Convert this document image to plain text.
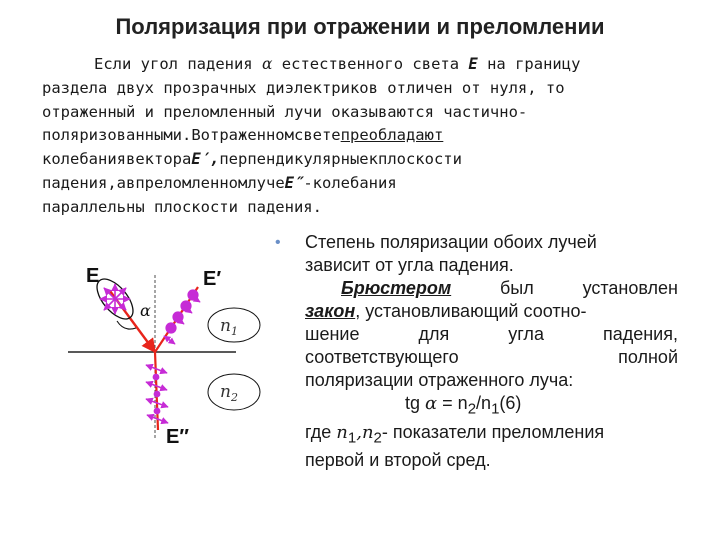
Поляризация при отражении и преломлении
Если угол падения α естественного света E на границу
раздела двух прозрачных диэлектриков отличен от нуля, то
отраженный и преломленный лучи оказываются частично-
поляризованными.Вотраженномсветепреобладают
колебаниявектораE′,перпендикулярныекплоскости
падения,авпреломленномлучеE″-колебания
параллельны плоскости падения.
α
$n_1$
$n_2$
E	E′
E″
•	Степень поляризации обоих лучей
зависит от угла падения.
Брюстером	был	установлен
закон, установливающий соотно-
шение	для	угла	падения,
соответствующего	полной
поляризации отраженного луча:
tg $\alpha = n_2/n_1(6)$
где $n_1,n_2-$ показатели преломления
первой и второй сред.
